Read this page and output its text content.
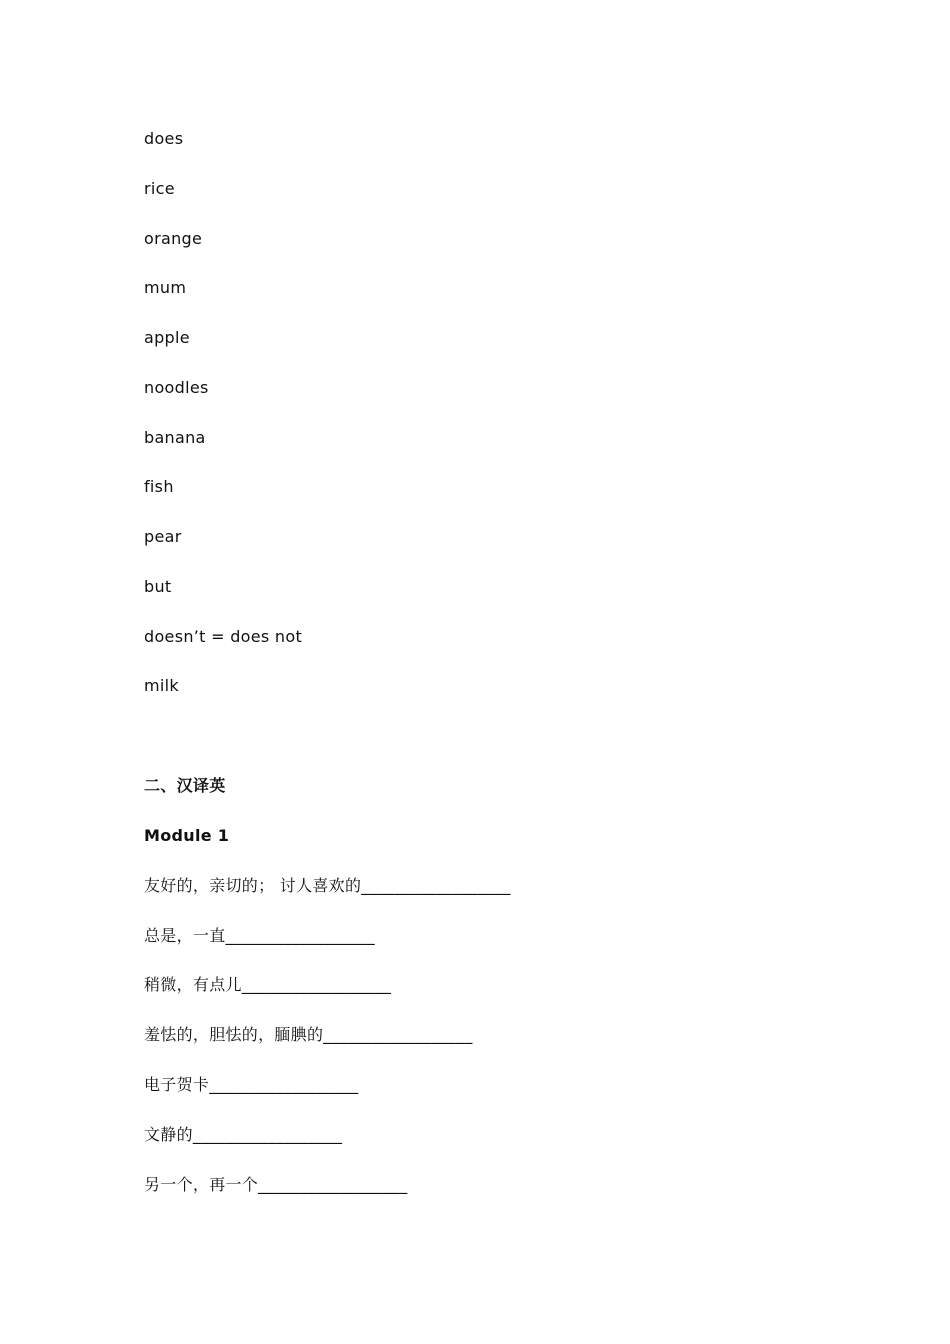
does
rice
orange
mum
apple
noodles
banana
fish
pear
but
doesn’t = does not
milk
二、汉译英
Module 1
友好的，亲切的； 讨人喜欢的__________________
总是，一直__________________
稍微，有点儿__________________
羞怯的，胆怯的，腼腆的__________________
电子贺卡__________________
文静的__________________
另一个，再一个__________________
